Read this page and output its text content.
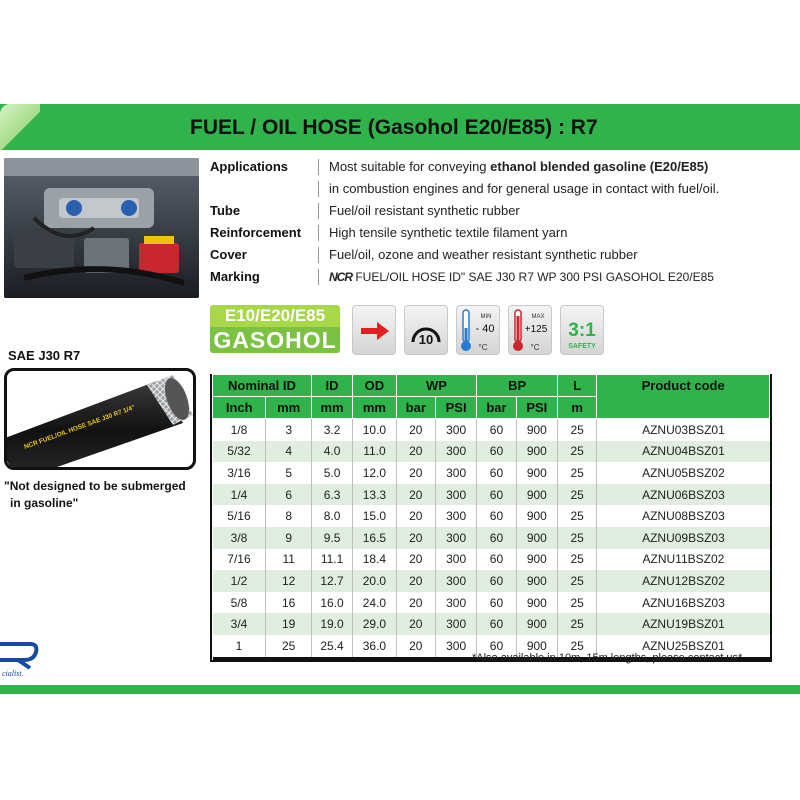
FUEL / OIL HOSE (Gasohol E20/E85) : R7
Applications	Most suitable for conveying ethanol blended gasoline (E20/E85)
in combustion engines and for general usage in contact with fuel/oil.
Tube	Fuel/oil resistant synthetic rubber
Reinforcement	High tensile synthetic textile filament yarn
Cover	Fuel/oil, ozone and weather resistant synthetic rubber
Marking	NCR FUEL/OIL HOSE ID" SAE J30 R7 WP 300 PSI GASOHOL E20/E85
E10/E20/E85
GASOHOL	10
MIN
- 40
°C
MAX
+125
°C
3:1
SAFETY
SAE J30 R7
NCR FUEL/OIL HOSE SAE J30 R7 1/4"
"Not designed to be submerged
in gasoline"
Nominal ID		ID	OD	WP		BP		L	Product code
Inch	mm	mm	mm	bar	PSI	bar	PSI	m	
1/8	3	3.2	10.0	20	300	60	900	25	AZNU03BSZ01
5/32	4	4.0	11.0	20	300	60	900	25	AZNU04BSZ01
3/16	5	5.0	12.0	20	300	60	900	25	AZNU05BSZ02
1/4	6	6.3	13.3	20	300	60	900	25	AZNU06BSZ03
5/16	8	8.0	15.0	20	300	60	900	25	AZNU08BSZ03
3/8	9	9.5	16.5	20	300	60	900	25	AZNU09BSZ03
7/16	11	11.1	18.4	20	300	60	900	25	AZNU11BSZ02
1/2	12	12.7	20.0	20	300	60	900	25	AZNU12BSZ02
5/8	16	16.0	24.0	20	300	60	900	25	AZNU16BSZ03
3/4	19	19.0	29.0	20	300	60	900	25	AZNU19BSZ01
1	25	25.4	36.0	20	300	60	900	25	AZNU25BSZ01
*Also available in 10m, 15m lengths, please contact us*
cialist.
